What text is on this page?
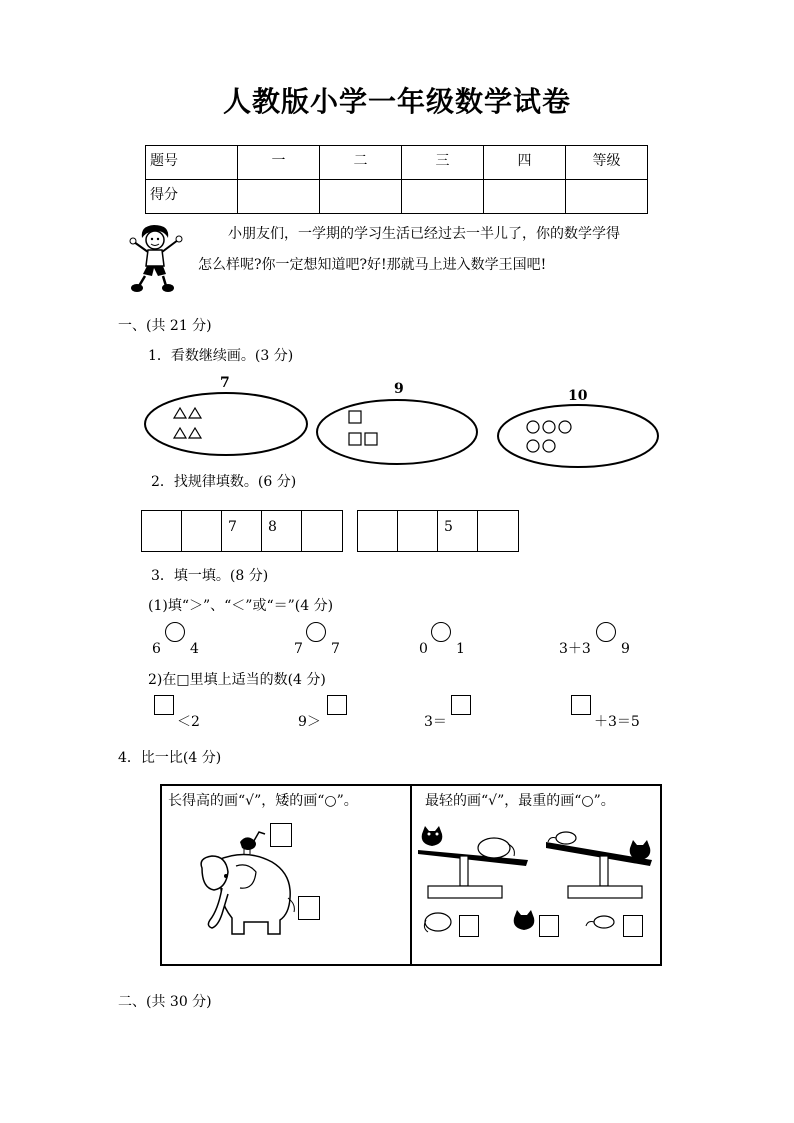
人教版小学一年级数学试卷
题号	一	二	三	四	等级
得分					
小朋友们，一学期的学习生活已经过去一半儿了，你的数学学得
怎么样呢?你一定想知道吧?好!那就马上进入数学王国吧!
一、(共 21 分)
1．看数继续画。(3 分)
7	9	10
2．找规律填数。(6 分)
7	8	5
3．填一填。(8 分)
(1)填“＞”、“＜”或“＝”(4 分)
6 4	7 7	0 1	3＋3 9
2)在□里填上适当的数(4 分)
＜2	9＞	3＝	＋3＝5
4．比一比(4 分)
长得高的画“√”，矮的画“○”。	最轻的画“√”，最重的画“○”。
二、(共 30 分)
